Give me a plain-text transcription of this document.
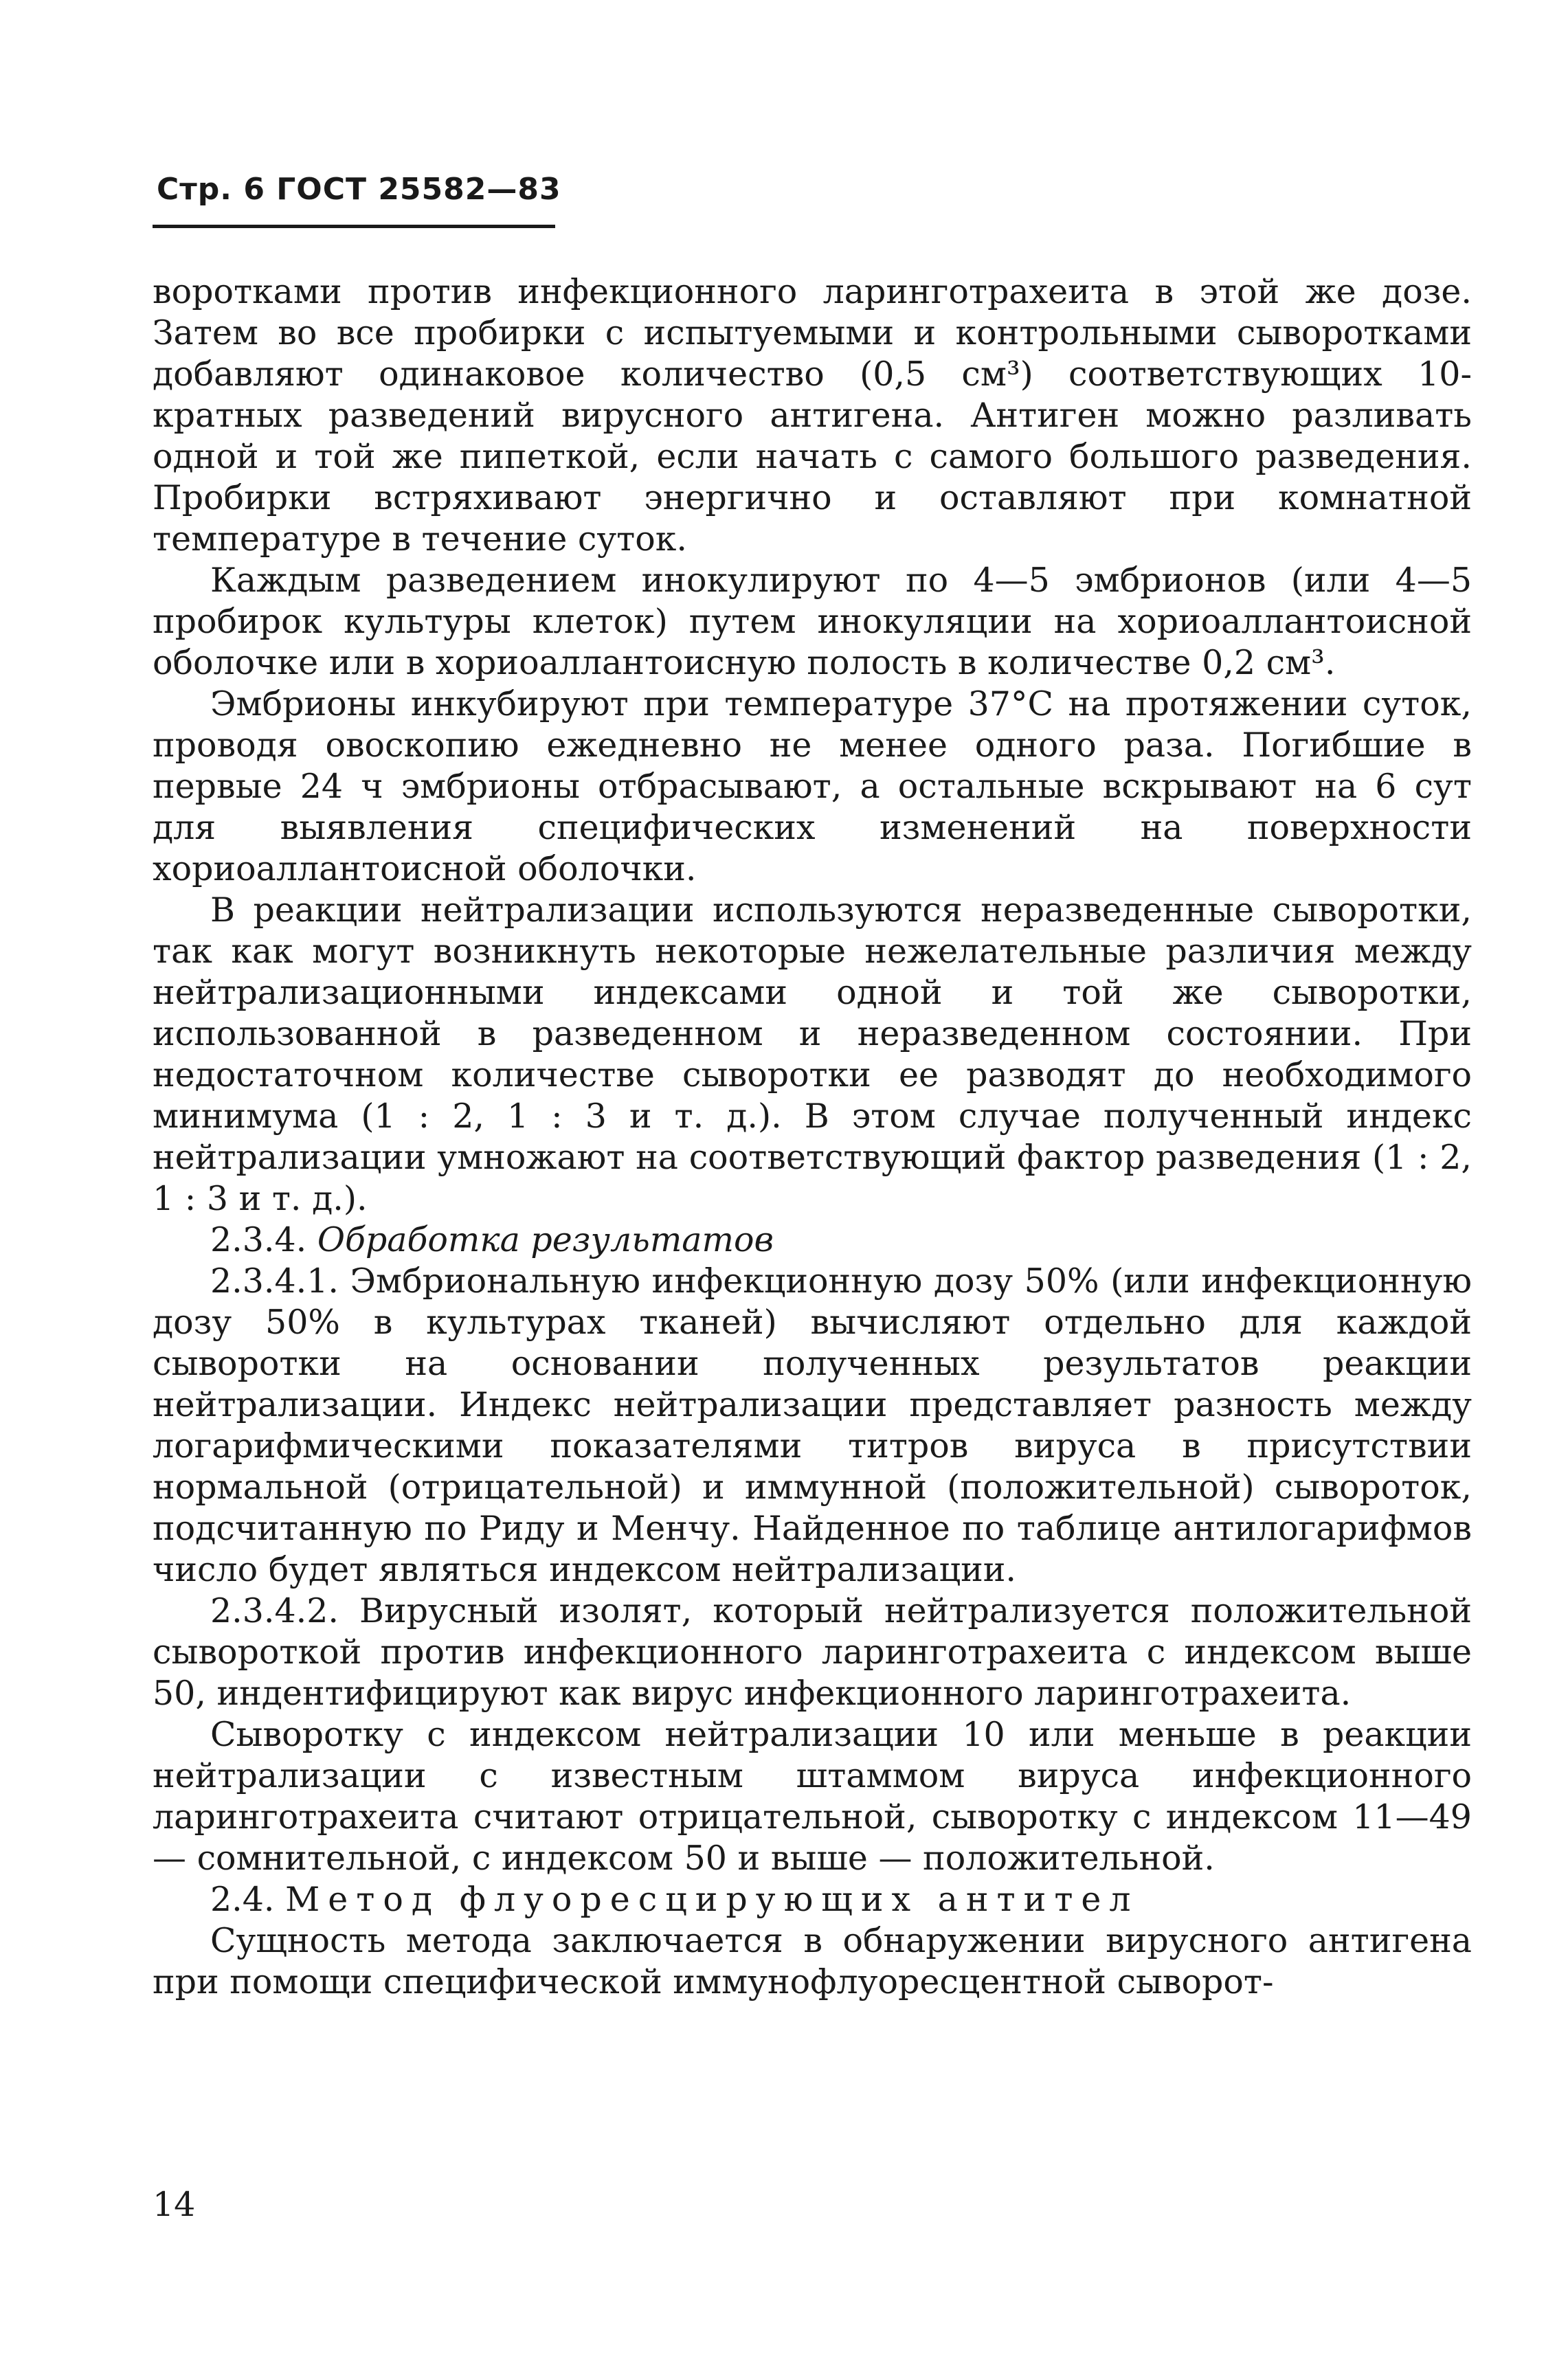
Стр. 6 ГОСТ 25582—83

воротками против инфекционного ларинготрахеита в этой же дозе. Затем во все пробирки с испытуемыми и контрольными сыворотками добавляют одинаковое количество (0,5 см³) соответствующих 10-кратных разведений вирусного антигена. Антиген можно разливать одной и той же пипеткой, если начать с самого большого разведения. Пробирки встряхивают энергично и оставляют при комнатной температуре в течение суток.

Каждым разведением инокулируют по 4—5 эмбрионов (или 4—5 пробирок культуры клеток) путем инокуляции на хориоаллантоисной оболочке или в хориоаллантоисную полость в количестве 0,2 см³.

Эмбрионы инкубируют при температуре 37°С на протяжении суток, проводя овоскопию ежедневно не менее одного раза. Погибшие в первые 24 ч эмбрионы отбрасывают, а остальные вскрывают на 6 сут для выявления специфических изменений на поверхности хориоаллантоисной оболочки.

В реакции нейтрализации используются неразведенные сыворотки, так как могут возникнуть некоторые нежелательные различия между нейтрализационными индексами одной и той же сыворотки, использованной в разведенном и неразведенном состоянии. При недостаточном количестве сыворотки ее разводят до необходимого минимума (1 : 2, 1 : 3 и т. д.). В этом случае полученный индекс нейтрализации умножают на соответствующий фактор разведения (1 : 2, 1 : 3 и т. д.).

2.3.4. Обработка результатов

2.3.4.1. Эмбриональную инфекционную дозу 50% (или инфекционную дозу 50% в культурах тканей) вычисляют отдельно для каждой сыворотки на основании полученных результатов реакции нейтрализации. Индекс нейтрализации представляет разность между логарифмическими показателями титров вируса в присутствии нормальной (отрицательной) и иммунной (положительной) сывороток, подсчитанную по Риду и Менчу. Найденное по таблице антилогарифмов число будет являться индексом нейтрализации.

2.3.4.2. Вирусный изолят, который нейтрализуется положительной сывороткой против инфекционного ларинготрахеита с индексом выше 50, индентифицируют как вирус инфекционного ларинготрахеита.

Сыворотку с индексом нейтрализации 10 или меньше в реакции нейтрализации с известным штаммом вируса инфекционного ларинготрахеита считают отрицательной, сыворотку с индексом 11—49 — сомнительной, с индексом 50 и выше — положительной.

2.4. Метод флуоресцирующих антител

Сущность метода заключается в обнаружении вирусного антигена при помощи специфической иммунофлуоресцентной сыворот-

14
